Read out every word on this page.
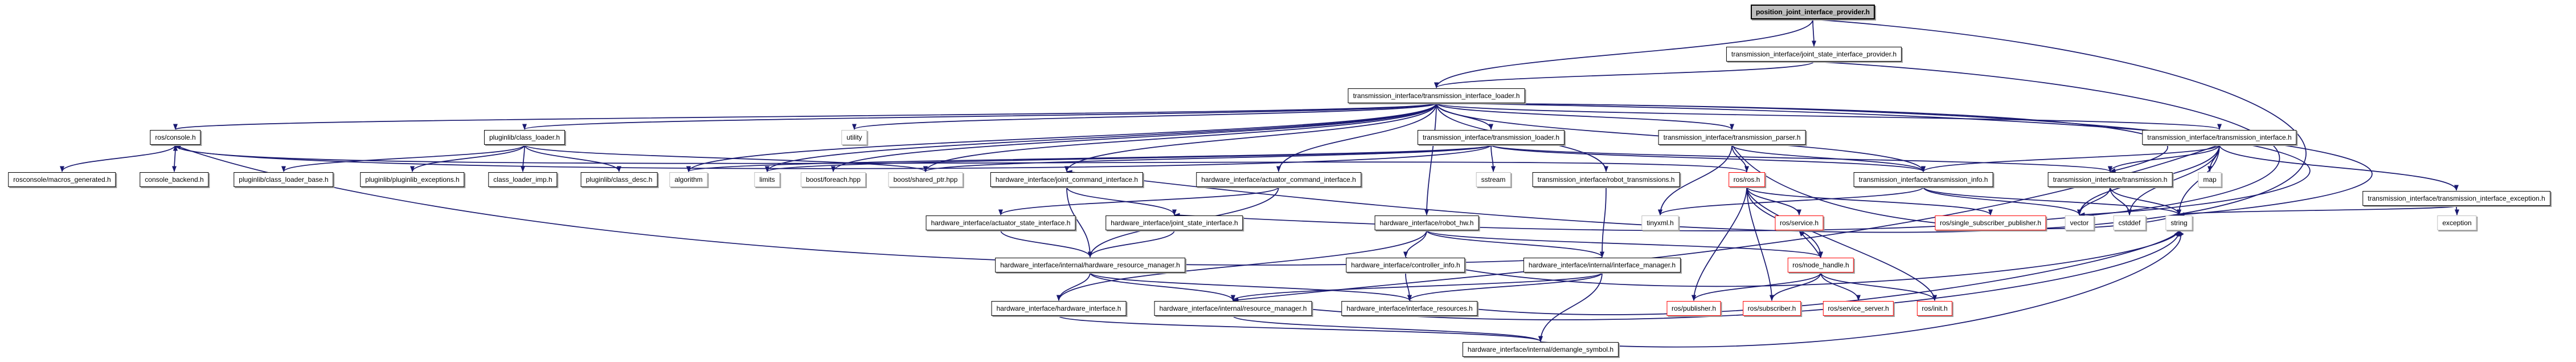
position_joint_interface_provider.h
transmission_interface/joint_state_interface_provider.h
transmission_interface/transmission_interface_loader.h
ros/console.h	pluginlib/class_loader.h	utility	transmission_interface/transmission_loader.h	transmission_interface/transmission_parser.h	transmission_interface/transmission_interface.h
rosconsole/macros_generated.h	console_backend.h	pluginlib/class_loader_base.h	pluginlib/pluginlib_exceptions.h	class_loader_imp.h	pluginlib/class_desc.h	algorithm	limits	boost/foreach.hpp	boost/shared_ptr.hpp	hardware_interface/joint_command_interface.h	hardware_interface/actuator_command_interface.h	sstream	transmission_interface/robot_transmissions.h	ros/ros.h	transmission_interface/transmission_info.h	transmission_interface/transmission.h	map
transmission_interface/transmission_interface_exception.h
hardware_interface/actuator_state_interface.h	hardware_interface/joint_state_interface.h	hardware_interface/robot_hw.h	tinyxml.h	ros/service.h	ros/single_subscriber_publisher.h	vector	cstddef	string	exception
hardware_interface/internal/hardware_resource_manager.h	hardware_interface/controller_info.h	hardware_interface/internal/interface_manager.h	ros/node_handle.h
hardware_interface/hardware_interface.h	hardware_interface/internal/resource_manager.h	hardware_interface/interface_resources.h	ros/publisher.h	ros/subscriber.h	ros/service_server.h	ros/init.h
hardware_interface/internal/demangle_symbol.h
